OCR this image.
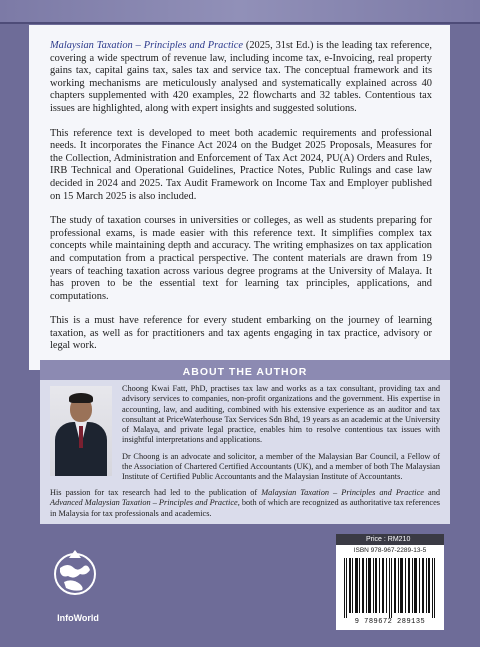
Malaysian Taxation – Principles and Practice (2025, 31st Ed.) is the leading tax reference, covering a wide spectrum of revenue law, including income tax, e-Invoicing, real property gains tax, capital gains tax, sales tax and service tax. The conceptual framework and its working mechanisms are meticulously analysed and systematically explained across 40 chapters supplemented with 420 examples, 22 flowcharts and 32 tables. Contentious tax issues are highlighted, along with expert insights and suggested solutions.

This reference text is developed to meet both academic requirements and professional needs. It incorporates the Finance Act 2024 on the Budget 2025 Proposals, Measures for the Collection, Administration and Enforcement of Tax Act 2024, PU(A) Orders and Rules, IRB Technical and Operational Guidelines, Practice Notes, Public Rulings and case law decided in 2024 and 2025. Tax Audit Framework on Income Tax and Employer published on 15 March 2025 is also included.

The study of taxation courses in universities or colleges, as well as students preparing for professional exams, is made easier with this reference text. It simplifies complex tax concepts while maintaining depth and accuracy. The writing emphasizes on tax application and computation from a practical perspective. The content materials are drawn from 19 years of teaching taxation across various degree programs at the University of Malaya. It has proven to be the essential text for learning tax principles, applications, and computations.

This is a must have reference for every student embarking on the journey of learning taxation, as well as for practitioners and tax agents engaging in tax practice, advisory or legal work.

ABOUT THE AUTHOR

Choong Kwai Fatt, PhD, practises tax law and works as a tax consultant, providing tax and advisory services to companies, non-profit organizations and the government. His expertise in accounting, law, and auditing, combined with his extensive experience as an auditor and tax consultant at PriceWaterhouse Tax Services Sdn Bhd, 19 years as an academic at the University of Malaya, and private legal practice, enables him to resolve contentious tax issues with insightful interpretations and applications.

Dr Choong is an advocate and solicitor, a member of the Malaysian Bar Council, a Fellow of the Association of Chartered Certified Accountants (UK), and a member of both The Malaysian Institute of Certified Public Accountants and the Malaysian Institute of Accountants.

His passion for tax research had led to the publication of Malaysian Taxation – Principles and Practice and Advanced Malaysian Taxation – Principles and Practice, both of which are recognized as authoritative tax references in Malaysia for tax professionals and academics.
InfoWorld
Price : RM210
ISBN 978-967-2289-13-5
9 789672 289135
